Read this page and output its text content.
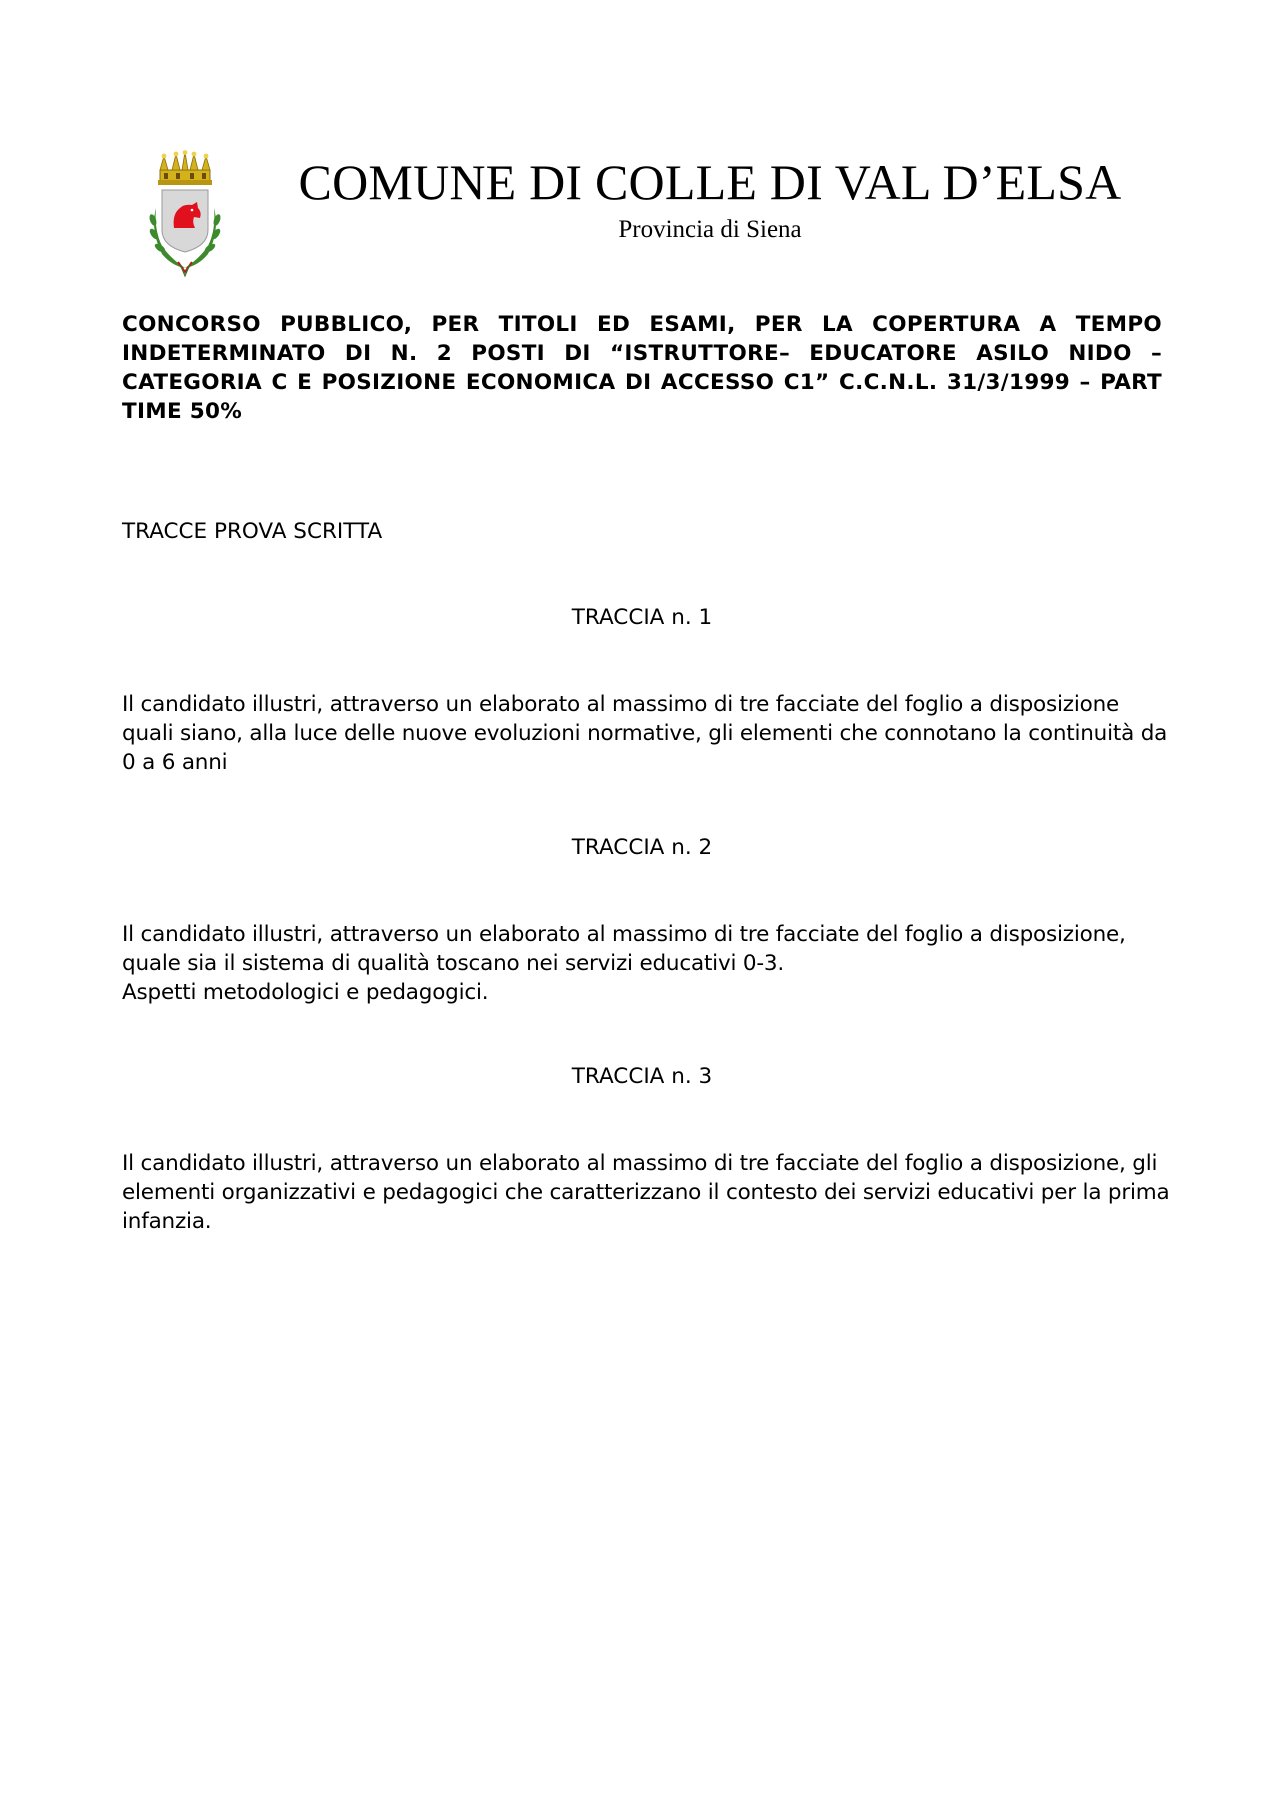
COMUNE DI COLLE DI VAL D’ELSA
Provincia di Siena
CONCORSO PUBBLICO, PER TITOLI ED ESAMI, PER LA COPERTURA A TEMPO
INDETERMINATO DI N. 2 POSTI DI “ISTRUTTORE– EDUCATORE ASILO NIDO –
CATEGORIA C E POSIZIONE ECONOMICA DI ACCESSO C1” C.C.N.L. 31/3/1999 – PART
TIME 50%
TRACCE PROVA SCRITTA
TRACCIA n. 1
Il candidato illustri, attraverso un elaborato al massimo di tre facciate del foglio a disposizione
quali siano, alla luce delle nuove evoluzioni normative, gli elementi che connotano la continuità da
0 a 6 anni
TRACCIA n. 2
Il candidato illustri, attraverso un elaborato al massimo di tre facciate del foglio a disposizione,
quale sia il sistema di qualità toscano nei servizi educativi 0-3.
Aspetti metodologici e pedagogici.
TRACCIA n. 3
Il candidato illustri, attraverso un elaborato al massimo di tre facciate del foglio a disposizione, gli
elementi organizzativi e pedagogici che caratterizzano il contesto dei servizi educativi per la prima
infanzia.
